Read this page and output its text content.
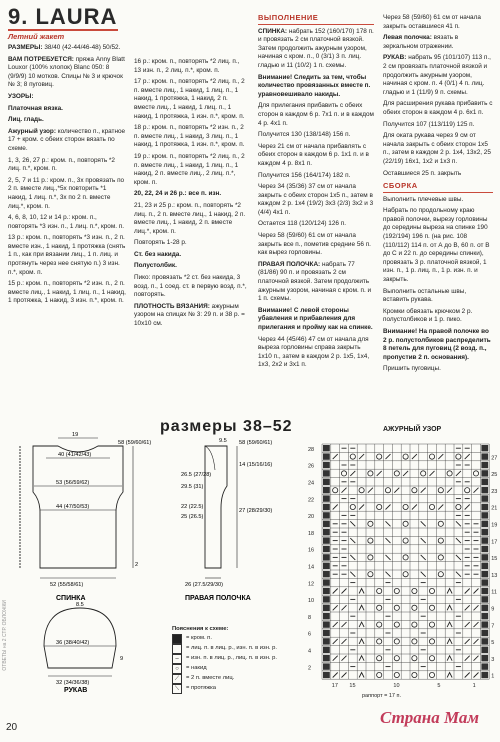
9. LAURA
Летний жакет

РАЗМЕРЫ: 38/40 (42-44/46-48) 50/52.

ВАМ ПОТРЕБУЕТСЯ: пряжа Anny Blatt Louxor (100% хлопок) Blanc 050: 8 (9/9/9) 10 мотков. Спицы № 3 и крючок № 3; 8 пуговиц.

УЗОРЫ:

Платочная вязка.

Лиц. гладь.

Ажурный узор: количество п., кратное 17 + кром. с обеих сторон вязать по схеме.

1, 3, 26, 27 р.: кром. п., повторять *2 лиц. п.*, кром. п.

2, 5, 7 и 11 р.: кром. п., 3х провязать по 2 п. вместе лиц.,*5х повторить *1 накид, 1 лиц. п.*, 3х по 2 п. вместе лиц.*, кром. п.

4, 6, 8, 10, 12 и 14 р.: кром. п., повторять *3 изн. п., 1 лиц. п.*, кром. п.

13 р.: кром. п., повторять *3 изн. п., 2 п. вместе изн., 1 накид, 1 протяжка (снять 1 п., как при вязании лиц., 1 п. лиц. и протянуть через нее снятую п.) 3 изн. п.*, кром. п.

15 р.: кром. п., повторять *2 изн. п., 2 п. вместе лиц., 1 накид, 1 лиц. п., 1 накид, 1 протяжка, 1 накид, 3 изн. п.*, кром. п.

16 р.: кром. п., повторять *2 лиц. п., 13 изн. п., 2 лиц. п.*, кром. п.

17 р.: кром. п., повторять *2 лиц. п., 2 п. вместе лиц., 1 накид, 1 лиц. п., 1 накид, 1 протяжка, 1 накид, 2 п. вместе лиц., 1 накид, 1 лиц. п., 1 накид, 1 протяжка, 1 изн. п.*, кром. п.

18 р.: кром. п., повторять *2 изн. п., 2 п. вместе лиц., 1 накид, 3 лиц. п., 1 накид, 1 протяжка, 1 изн. п.*, кром. п.

19 р.: кром. п., повторять *2 лиц. п., 2 п. вместе лиц., 1 накид, 1 лиц. п., 1 накид, 2 п. вместе лиц., 2 лиц. п.*, кром. п.

20, 22, 24 и 26 р.: все п. изн.

21, 23 и 25 р.: кром. п., повторять *2 лиц. п., 2 п. вместе лиц., 1 накид, 2 п. вместе лиц., 1 накид, 2 п. вместе лиц.*, кром. п.

Повторять 1-28 р.

Ст. без накида.

Полустолбик.

Пико: провязать *2 ст. без накида, 3 возд. п., 1 соед. ст. в первую возд. п.*, повторять.

ПЛОТНОСТЬ ВЯЗАНИЯ: ажурным узором на спицах № 3: 29 п. и 38 р. = 10х10 см.

ВЫПОЛНЕНИЕ

СПИНКА: набрать 152 (160/170) 178 п. и провязать 2 см платочной вязкой. Затем продолжить ажурным узором, начиная с кром. п., 0 (3/1) 3 п. лиц. гладью и 11 (10/2) 1 п. схемы.

Внимание! Следить за тем, чтобы количество провязанных вместе п. уравновешивало накиды.

Для прилегания прибавить с обеих сторон в каждом 6 р. 7х1 п. и в каждом 4 р. 4х1 п.

Получится 130 (138/148) 156 п.

Через 21 см от начала прибавлять с обеих сторон в каждом 6 р. 1х1 п. и в каждом 4 р. 8х1 п.

Получится 156 (164/174) 182 п.

Через 34 (35/36) 37 см от начала закрыть с обеих сторон 1х5 п., затем в каждом 2 р. 1х4 (19/2) 3х3 (2/3) 3х2 и 3 (4/4) 4х1 п.

Остается 118 (120/124) 126 п.

Через 58 (59/60) 61 см от начала закрыть все п., пометив средние 56 п. как вырез горловины.

ПРАВАЯ ПОЛОЧКА: набрать 77 (81/86) 90 п. и провязать 2 см платочной вязкой. Затем продолжить ажурным узором, начиная с кром. п. и 1 п. схемы.

Внимание! С левой стороны убавления и прибавления для прилегания и пройму как на спинке.

Через 44 (45/46) 47 см от начала для выреза горловины справа закрыть 1х10 п., затем в каждом 2 р. 1х5, 1х4, 1х3, 2х2 и 3х1 п.

Через 58 (59/60) 61 см от начала закрыть оставшиеся 41 п.

Левая полочка: вязать в зеркальном отражении.

РУКАВ: набрать 95 (101/107) 113 п., 2 см провязать платочной вязкой и продолжить ажурным узором, начиная с кром. п. 4 (0/1) 4 п. лиц. гладью и 1 (11/9) 9 п. схемы.

Для расширения рукава прибавить с обеих сторон в каждом 4 р. 6х1 п.

Получится 107 (113/119) 125 п.

Для оката рукава через 9 см от начала закрыть с обеих сторон 1х5 п., затем в каждом 2 р. 1х4, 13х2, 25 (22/19) 16х1, 1х2 и 1х3 п.

Оставшиеся 25 п. закрыть

СБОРКА

Выполнить плечевые швы.

Набрать по продольному краю правой полочки, вырезу горловины до середины выреза на спинке 190 (192/194) 196 п. (на рис. 108 (110/112) 114 п. от А до В, 60 п. от В до С и 22 п. до середины спинки), провязать 3 р. платочной вязкой, 1 изн. п., 1 р. лиц. п., 1 р. изн. п. и закрыть.

Выполнить остальные швы, вставить рукава.

Кромки обвязать крючком 2 р. полустолбиков и 1 р. пико.

Внимание! На правой полочке во 2 р. полустолбиков распределить 8 петель для пуговиц (2 возд. п., пропустив 2 п. основания).

Пришить пуговицы.

размеры 38–52
19
58 (59/60/61)
40 (41/42/43)
53 (56/59/62)
44 (47/50/53)
2
52 (55/58/61)
СПИНКА
9.5 58 (59/60/61)
14 (15/16/16)
26.5 (27/28)
29.5 (31)
27 (28/29/30)
22 (22.5)
25 (26.5)
26 (27.5/29/30)
ПРАВАЯ ПОЛОЧКА
8.5
36 (38/40/42)
9
32 (34/36/38)
РУКАВ
Пояснения к схеме:
= кром. п.
= лиц. п. в лиц. р., изн. п. в изн. р.
–	= изн. п. в лиц. р., лиц. п. в изн. р.
○	= накид
⟋	= 2 п. вместе лиц.
⟍	= протяжка
АЖУРНЫЙ УЗОР
28
26
24
22
20
18
16
14
12
10
8
6
4
2
27
25
23
21
19
17
15
13
11
9
7
5
3
1
17 15	10	5	1
раппорт = 17 п.
20
Страна Мам
ОТВЕТЫ на 2 СТР. ОБЛОЖКИ
